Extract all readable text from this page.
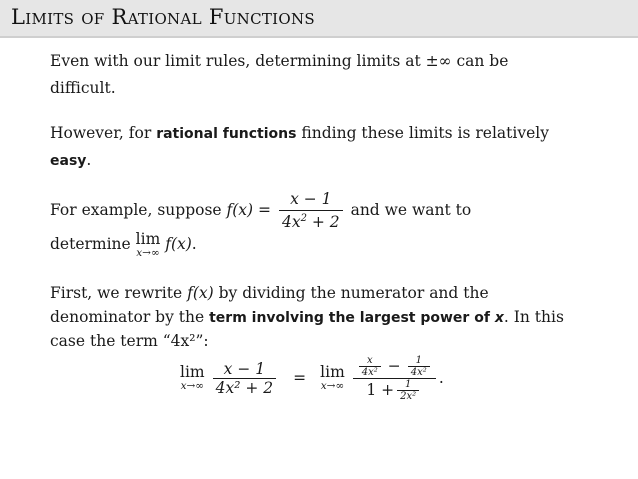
Limits of Rational Functions
Even with our limit rules, determining limits at ±∞ can be
difficult.
However, for rational functions finding these limits is relatively
easy.
For example, suppose $f(x) = \frac{x - 1}{4x^2 + 2}$ and we want to
determine lim
x→∞ f(x).
First, we rewrite f(x) by dividing the numerator and the
denominator by the term involving the largest power of x. In this
case the term “4x²”:
lim
$x\to\infty \frac{x - 1}{\text{4x² + 2}} = \lim$
$x\to\infty \frac{\frac{x}{\text{4x²}} - \frac{1}{\text{4x²}}}{1 + \frac{1}{\text{2x²}}}$ .
